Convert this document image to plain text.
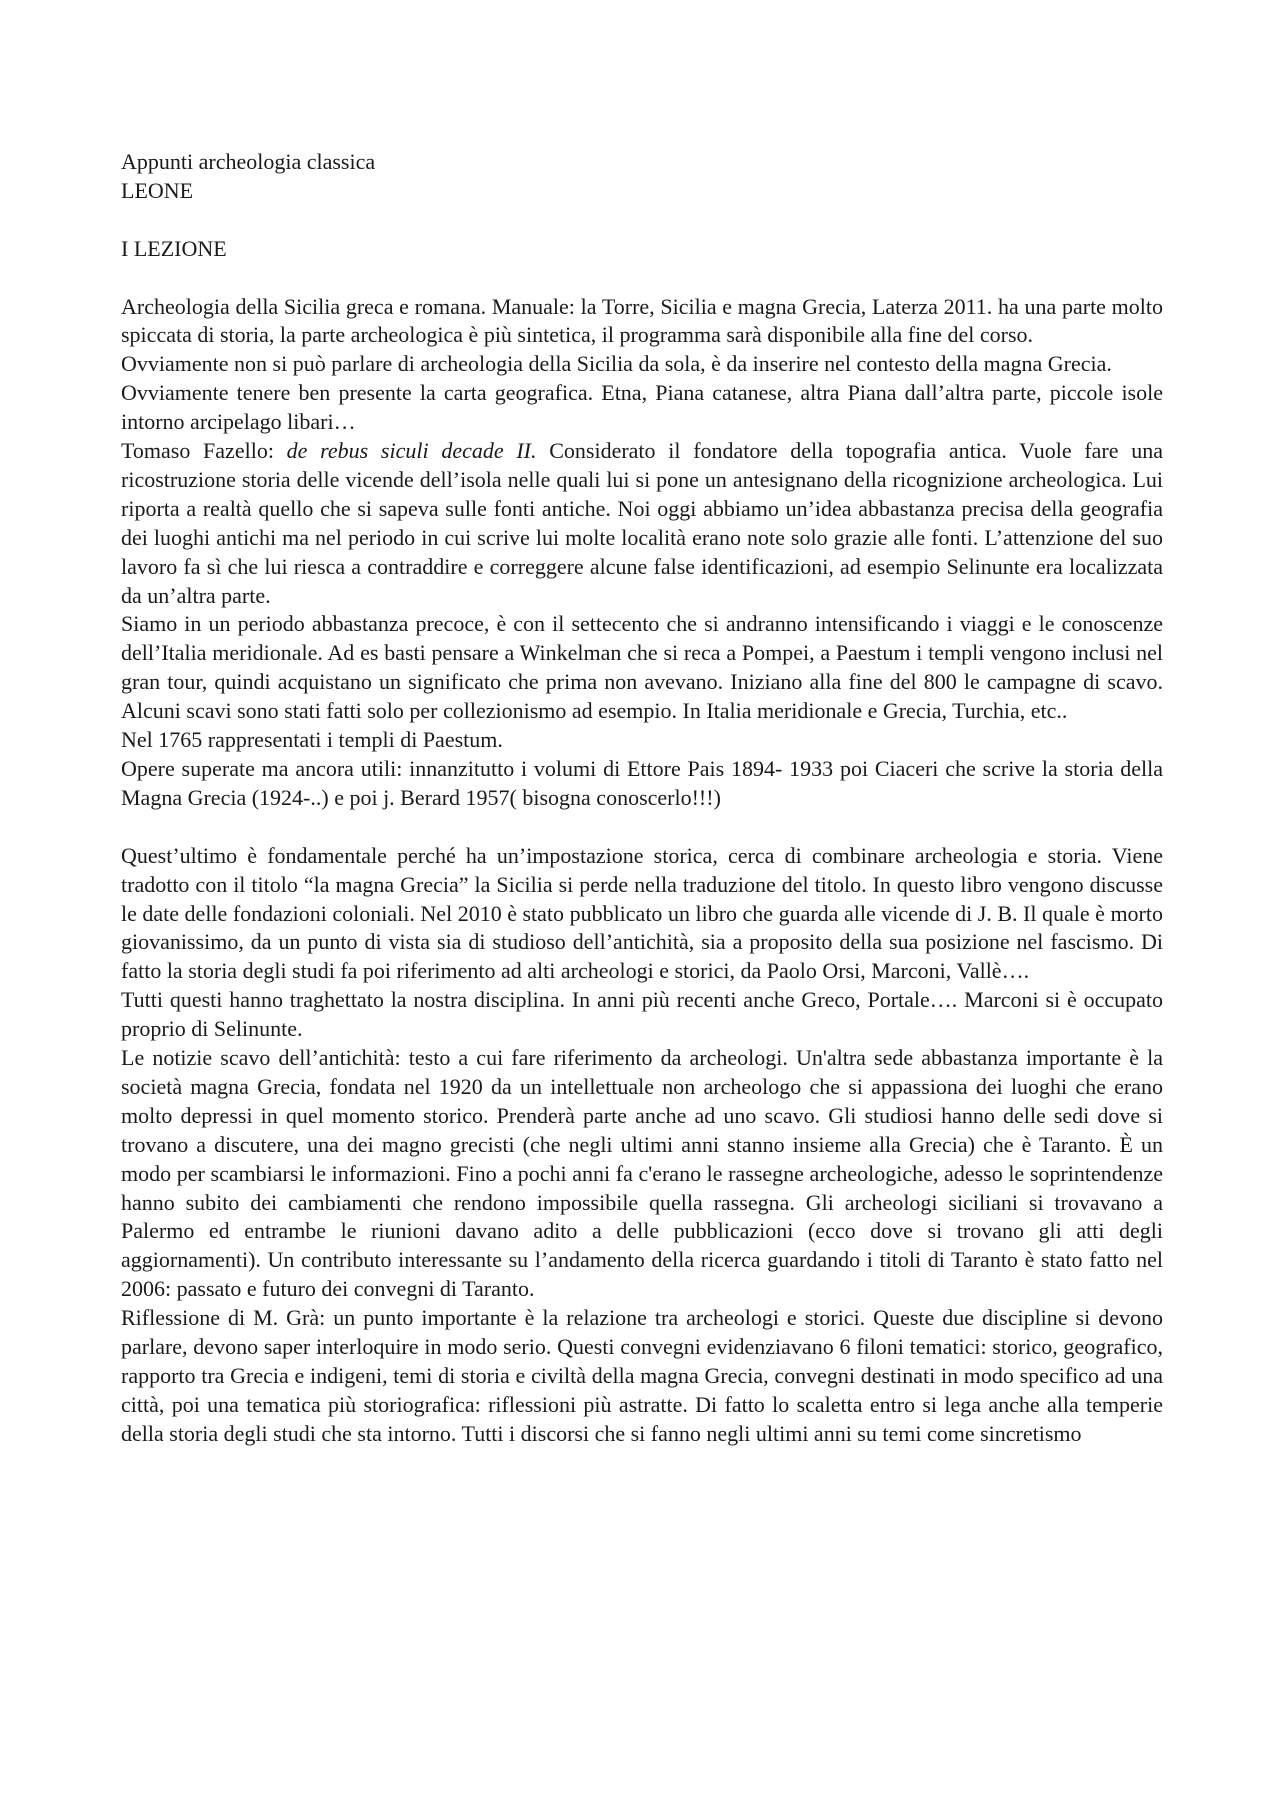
Appunti archeologia classica
LEONE
I LEZIONE

Archeologia della Sicilia greca e romana. Manuale: la Torre, Sicilia e magna Grecia, Laterza 2011. ha una parte molto spiccata di storia, la parte archeologica è più sintetica, il programma sarà disponibile alla fine del corso.

Ovviamente non si può parlare di archeologia della Sicilia da sola, è da inserire nel contesto della magna Grecia.

Ovviamente tenere ben presente la carta geografica. Etna, Piana catanese, altra Piana dall’altra parte, piccole isole intorno arcipelago libari…

Tomaso Fazello: de rebus siculi decade II. Considerato il fondatore della topografia antica. Vuole fare una ricostruzione storia delle vicende dell’isola nelle quali lui si pone un antesignano della ricognizione archeologica. Lui riporta a realtà quello che si sapeva sulle fonti antiche. Noi oggi abbiamo un’idea abbastanza precisa della geografia dei luoghi antichi ma nel periodo in cui scrive lui molte località erano note solo grazie alle fonti. L’attenzione del suo lavoro fa sì che lui riesca a contraddire e correggere alcune false identificazioni, ad esempio Selinunte era localizzata da un’altra parte.

Siamo in un periodo abbastanza precoce, è con il settecento che si andranno intensificando i viaggi e le conoscenze dell’Italia meridionale. Ad es basti pensare a Winkelman che si reca a Pompei, a Paestum i templi vengono inclusi nel gran tour, quindi acquistano un significato che prima non avevano. Iniziano alla fine del 800 le campagne di scavo. Alcuni scavi sono stati fatti solo per collezionismo ad esempio. In Italia meridionale e Grecia, Turchia, etc..

Nel 1765 rappresentati i templi di Paestum.

Opere superate ma ancora utili: innanzitutto i volumi di Ettore Pais 1894- 1933 poi Ciaceri che scrive la storia della Magna Grecia (1924-..) e poi j. Berard 1957( bisogna conoscerlo!!!)

Quest’ultimo è fondamentale perché ha un’impostazione storica, cerca di combinare archeologia e storia. Viene tradotto con il titolo “la magna Grecia” la Sicilia si perde nella traduzione del titolo. In questo libro vengono discusse le date delle fondazioni coloniali. Nel 2010 è stato pubblicato un libro che guarda alle vicende di J. B. Il quale è morto giovanissimo, da un punto di vista sia di studioso dell’antichità, sia a proposito della sua posizione nel fascismo. Di fatto la storia degli studi fa poi riferimento ad alti archeologi e storici, da Paolo Orsi, Marconi, Vallè….

Tutti questi hanno traghettato la nostra disciplina. In anni più recenti anche Greco, Portale…. Marconi si è occupato proprio di Selinunte.

Le notizie scavo dell’antichità: testo a cui fare riferimento da archeologi. Un'altra sede abbastanza importante è la società magna Grecia, fondata nel 1920 da un intellettuale non archeologo che si appassiona dei luoghi che erano molto depressi in quel momento storico. Prenderà parte anche ad uno scavo. Gli studiosi hanno delle sedi dove si trovano a discutere, una dei magno grecisti (che negli ultimi anni stanno insieme alla Grecia) che è Taranto. È un modo per scambiarsi le informazioni. Fino a pochi anni fa c'erano le rassegne archeologiche, adesso le soprintendenze hanno subito dei cambiamenti che rendono impossibile quella rassegna. Gli archeologi siciliani si trovavano a Palermo ed entrambe le riunioni davano adito a delle pubblicazioni (ecco dove si trovano gli atti degli aggiornamenti). Un contributo interessante su l’andamento della ricerca guardando i titoli di Taranto è stato fatto nel 2006: passato e futuro dei convegni di Taranto.

Riflessione di M. Grà: un punto importante è la relazione tra archeologi e storici. Queste due discipline si devono parlare, devono saper interloquire in modo serio. Questi convegni evidenziavano 6 filoni tematici: storico, geografico, rapporto tra Grecia e indigeni, temi di storia e civiltà della magna Grecia, convegni destinati in modo specifico ad una città, poi una tematica più storiografica: riflessioni più astratte. Di fatto lo scaletta entro si lega anche alla temperie della storia degli studi che sta intorno. Tutti i discorsi che si fanno negli ultimi anni su temi come sincretismo
